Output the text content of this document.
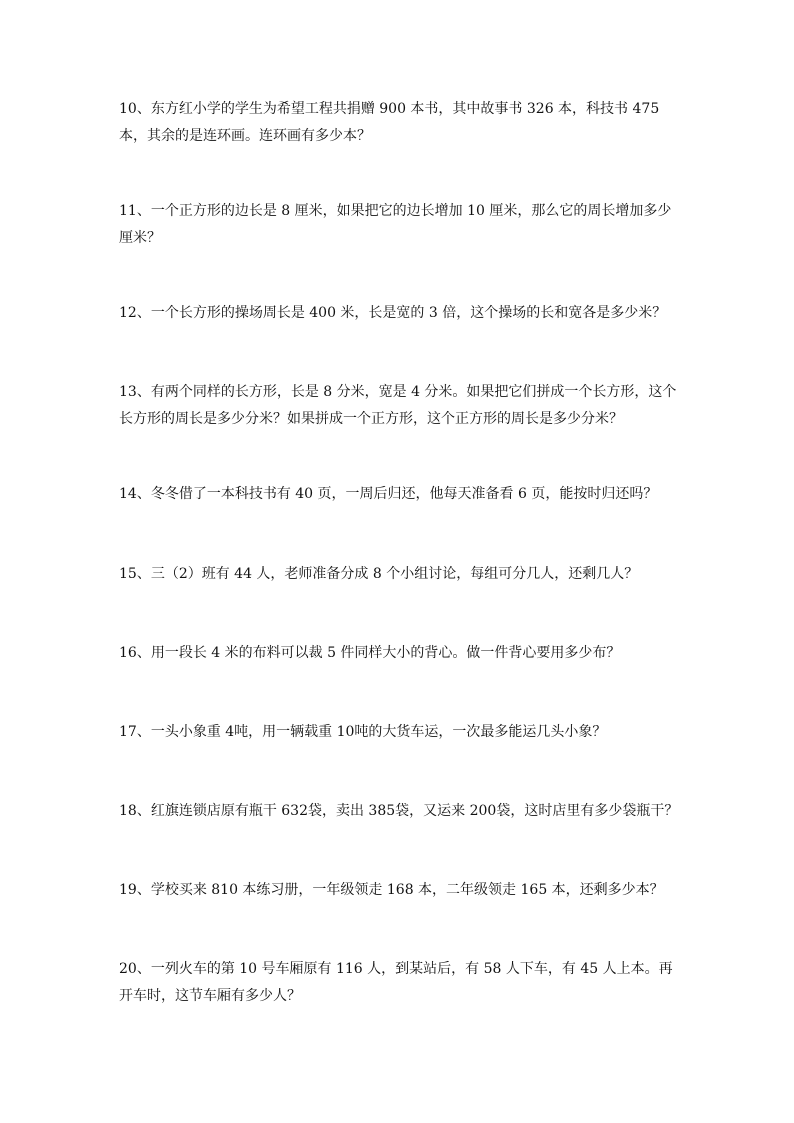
10、东方红小学的学生为希望工程共捐赠 900 本书，其中故事书 326 本，科技书 475 本，其余的是连环画。连环画有多少本？

11、一个正方形的边长是 8 厘米，如果把它的边长增加 10 厘米，那么它的周长增加多少厘米？

12、一个长方形的操场周长是 400 米，长是宽的 3 倍，这个操场的长和宽各是多少米？

13、有两个同样的长方形，长是 8 分米，宽是 4 分米。如果把它们拼成一个长方形，这个长方形的周长是多少分米？如果拼成一个正方形，这个正方形的周长是多少分米？

14、冬冬借了一本科技书有 40 页，一周后归还，他每天准备看 6 页，能按时归还吗？

15、三（2）班有 44 人，老师准备分成 8 个小组讨论，每组可分几人，还剩几人？

16、用一段长 4 米的布料可以裁 5 件同样大小的背心。做一件背心要用多少布？

17、一头小象重 4吨，用一辆载重 10吨的大货车运，一次最多能运几头小象？

18、红旗连锁店原有瓶干 632袋，卖出 385袋，又运来 200袋，这时店里有多少袋瓶干？

19、学校买来 810 本练习册，一年级领走 168 本，二年级领走 165 本，还剩多少本？

20、一列火车的第 10 号车厢原有 116 人，到某站后，有 58 人下车，有 45 人上本。再开车时，这节车厢有多少人？
